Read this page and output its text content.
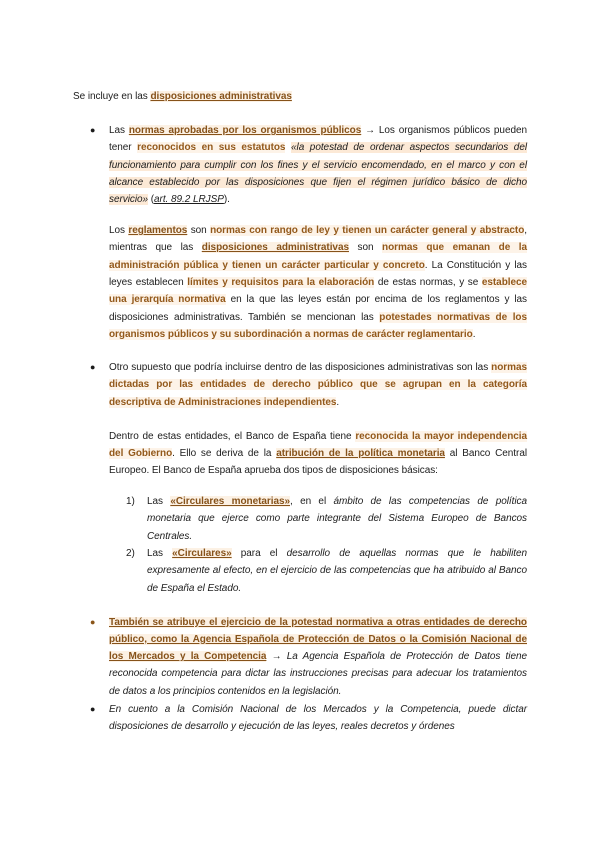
Se incluye en las disposiciones administrativas
● Las normas aprobadas por los organismos públicos → Los organismos públicos pueden tener reconocidos en sus estatutos «la potestad de ordenar aspectos secundarios del funcionamiento para cumplir con los fines y el servicio encomendado, en el marco y con el alcance establecido por las disposiciones que fijen el régimen jurídico básico de dicho servicio» (art. 89.2 LRJSP).
Los reglamentos son normas con rango de ley y tienen un carácter general y abstracto, mientras que las disposiciones administrativas son normas que emanan de la administración pública y tienen un carácter particular y concreto. La Constitución y las leyes establecen límites y requisitos para la elaboración de estas normas, y se establece una jerarquía normativa en la que las leyes están por encima de los reglamentos y las disposiciones administrativas. También se mencionan las potestades normativas de los organismos públicos y su subordinación a normas de carácter reglamentario.
● Otro supuesto que podría incluirse dentro de las disposiciones administrativas son las normas dictadas por las entidades de derecho público que se agrupan en la categoría descriptiva de Administraciones independientes.
Dentro de estas entidades, el Banco de España tiene reconocida la mayor independencia del Gobierno. Ello se deriva de la atribución de la política monetaria al Banco Central Europeo. El Banco de España aprueba dos tipos de disposiciones básicas:
1) Las «Circulares monetarias», en el ámbito de las competencias de política monetaria que ejerce como parte integrante del Sistema Europeo de Bancos Centrales.
2) Las «Circulares» para el desarrollo de aquellas normas que le habiliten expresamente al efecto, en el ejercicio de las competencias que ha atribuido al Banco de España el Estado.
● También se atribuye el ejercicio de la potestad normativa a otras entidades de derecho público, como la Agencia Española de Protección de Datos o la Comisión Nacional de los Mercados y la Competencia → La Agencia Española de Protección de Datos tiene reconocida competencia para dictar las instrucciones precisas para adecuar los tratamientos de datos a los principios contenidos en la legislación.
● En cuento a la Comisión Nacional de los Mercados y la Competencia, puede dictar disposiciones de desarrollo y ejecución de las leyes, reales decretos y órdenes
